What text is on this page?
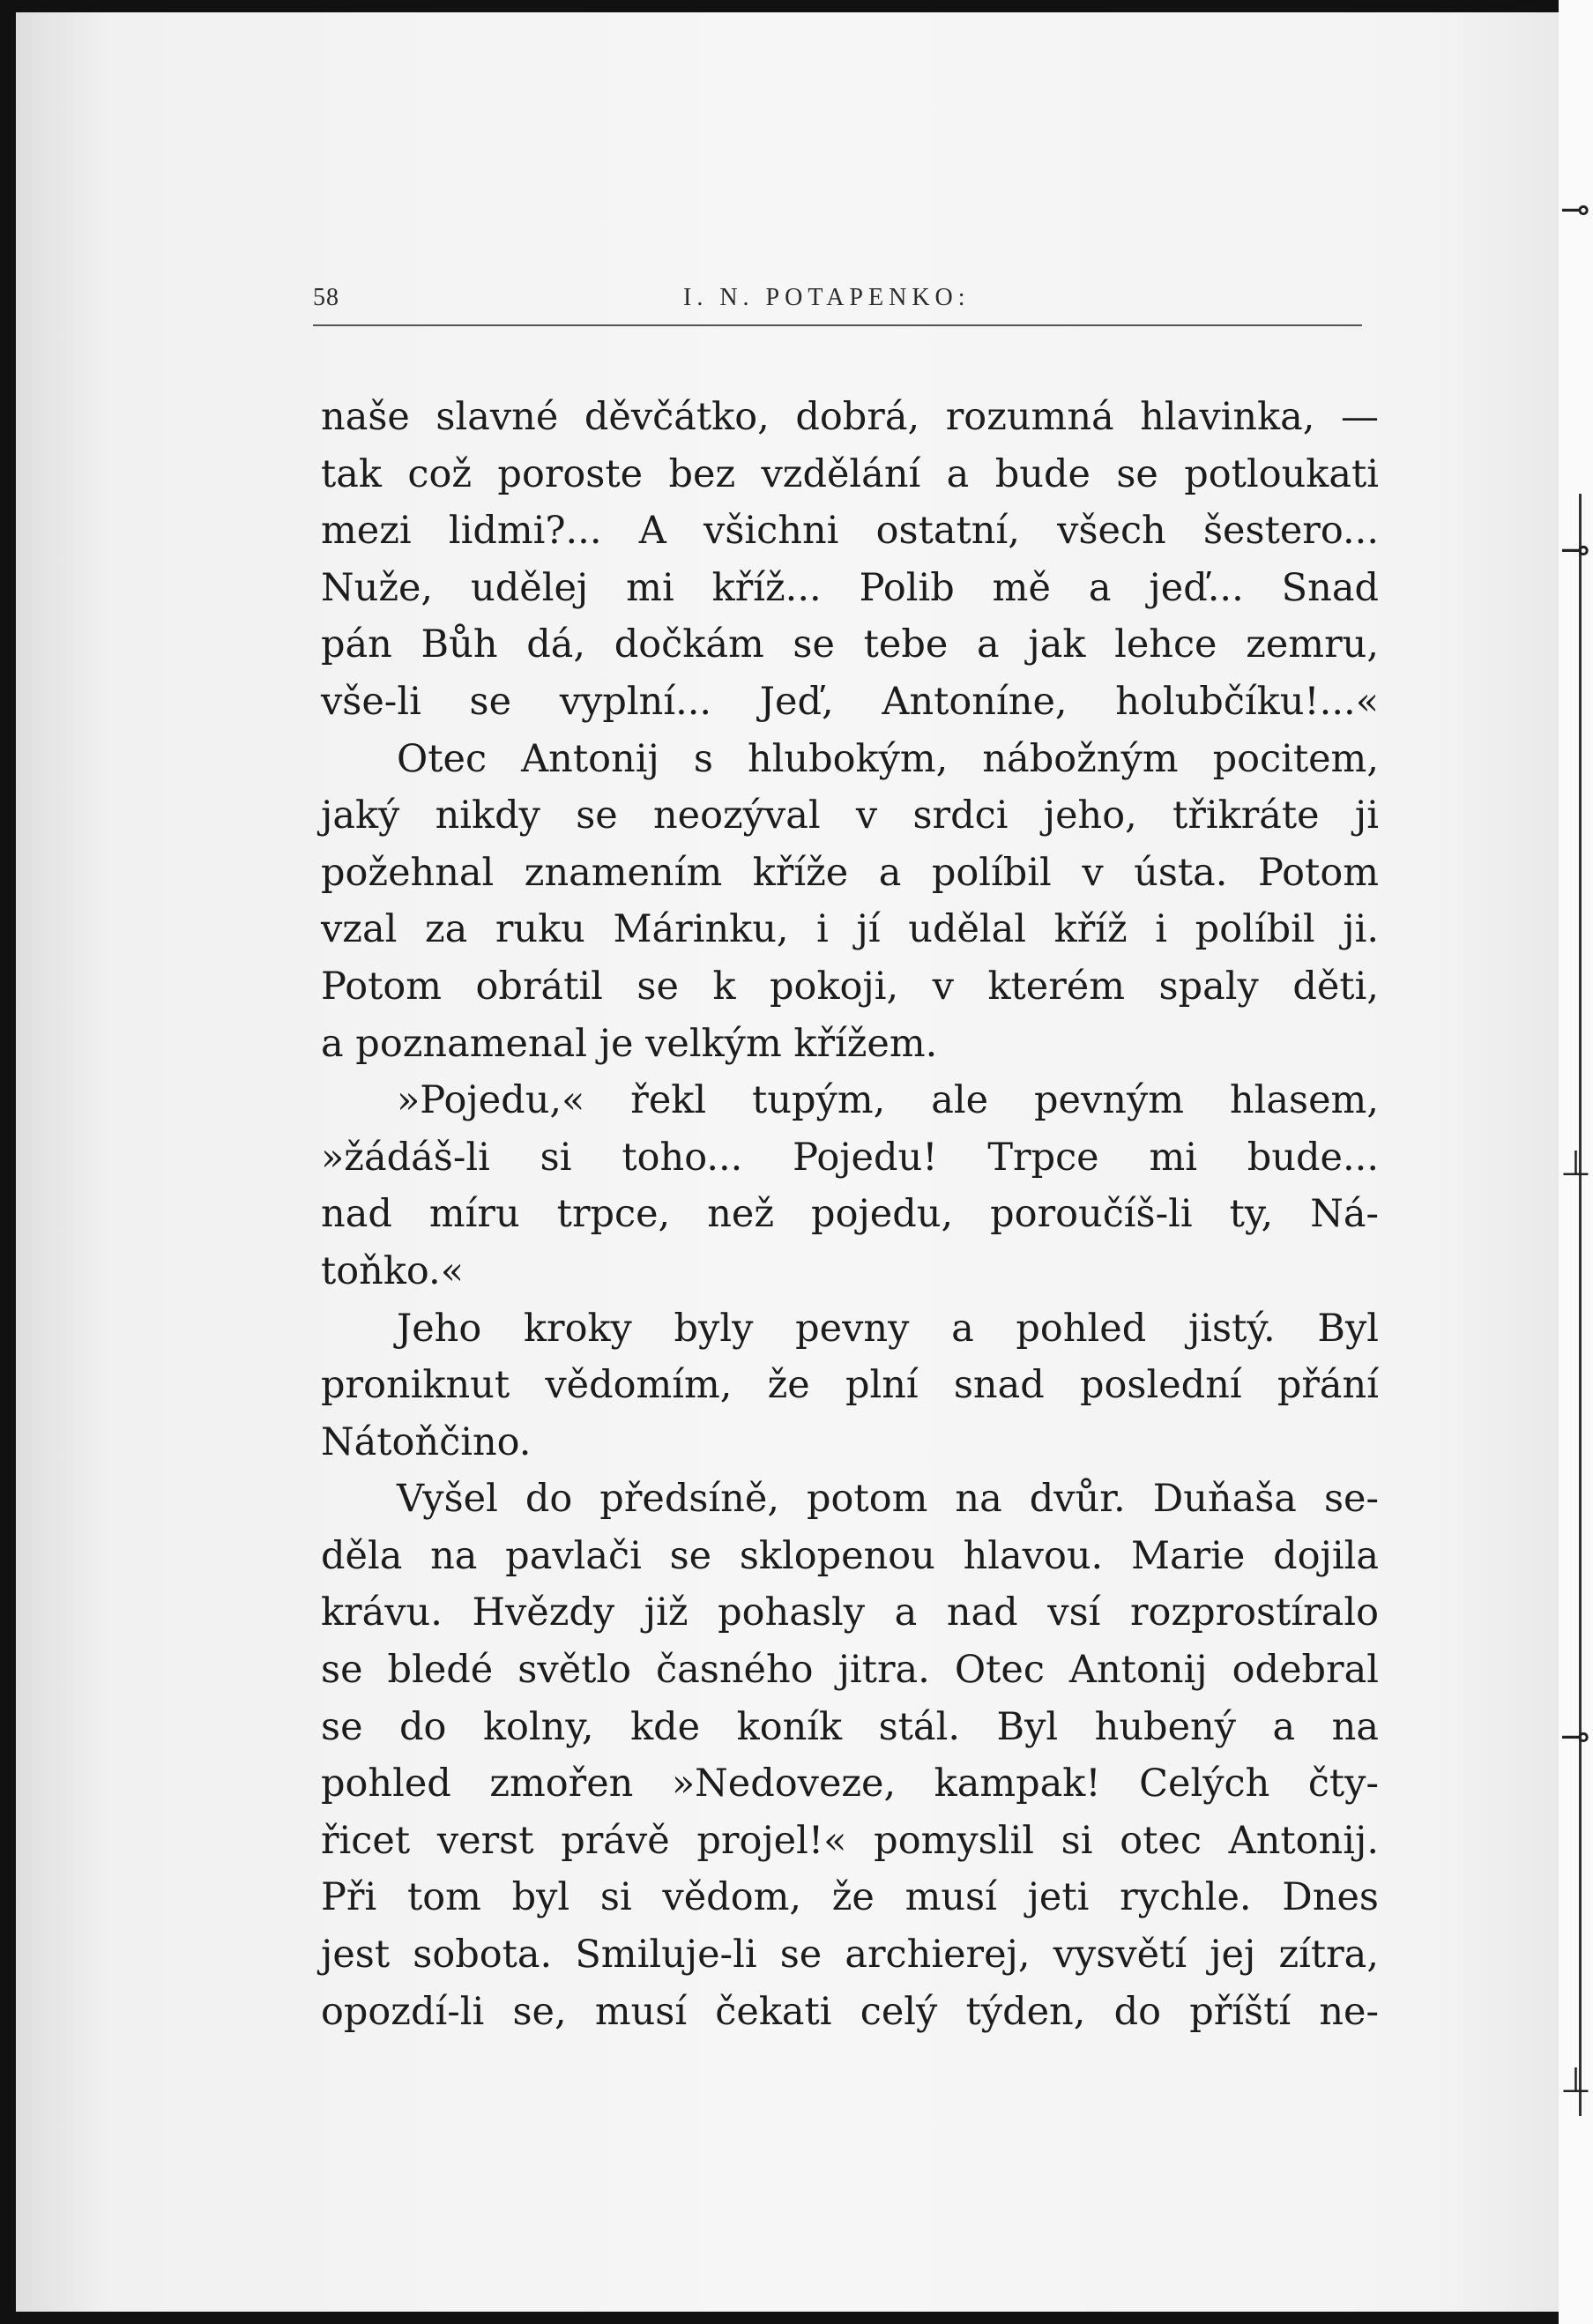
58	I. N. POTAPENKO:
naše slavné děvčátko, dobrá, rozumná hlavinka, —
tak což poroste bez vzdělání a bude se potloukati
mezi lidmi?... A všichni ostatní, všech šestero...
Nuže, udělej mi kříž... Polib mě a jeď... Snad
pán Bůh dá, dočkám se tebe a jak lehce zemru,
vše-li se vyplní... Jeď, Antoníne, holubčíku!...«
Otec Antonij s hlubokým, nábožným pocitem,
jaký nikdy se neozýval v srdci jeho, třikráte ji
požehnal znamením kříže a políbil v ústa. Potom
vzal za ruku Márinku, i jí udělal kříž i políbil ji.
Potom obrátil se k pokoji, v kterém spaly děti,
a poznamenal je velkým křížem.
»Pojedu,« řekl tupým, ale pevným hlasem,
»žádáš-li si toho... Pojedu! Trpce mi bude...
nad míru trpce, než pojedu, poroučíš-li ty, Ná-
toňko.«
Jeho kroky byly pevny a pohled jistý. Byl
proniknut vědomím, že plní snad poslední přání
Nátoňčino.
Vyšel do předsíně, potom na dvůr. Duňaša se-
děla na pavlači se sklopenou hlavou. Marie dojila
krávu. Hvězdy již pohasly a nad vsí rozprostíralo
se bledé světlo časného jitra. Otec Antonij odebral
se do kolny, kde koník stál. Byl hubený a na
pohled zmořen »Nedoveze, kampak! Celých čty-
řicet verst právě projel!« pomyslil si otec Antonij.
Při tom byl si vědom, že musí jeti rychle. Dnes
jest sobota. Smiluje-li se archierej, vysvětí jej zítra,
opozdí-li se, musí čekati celý týden, do příští ne-
⊸
⊸
⊥
⊸
⊥
